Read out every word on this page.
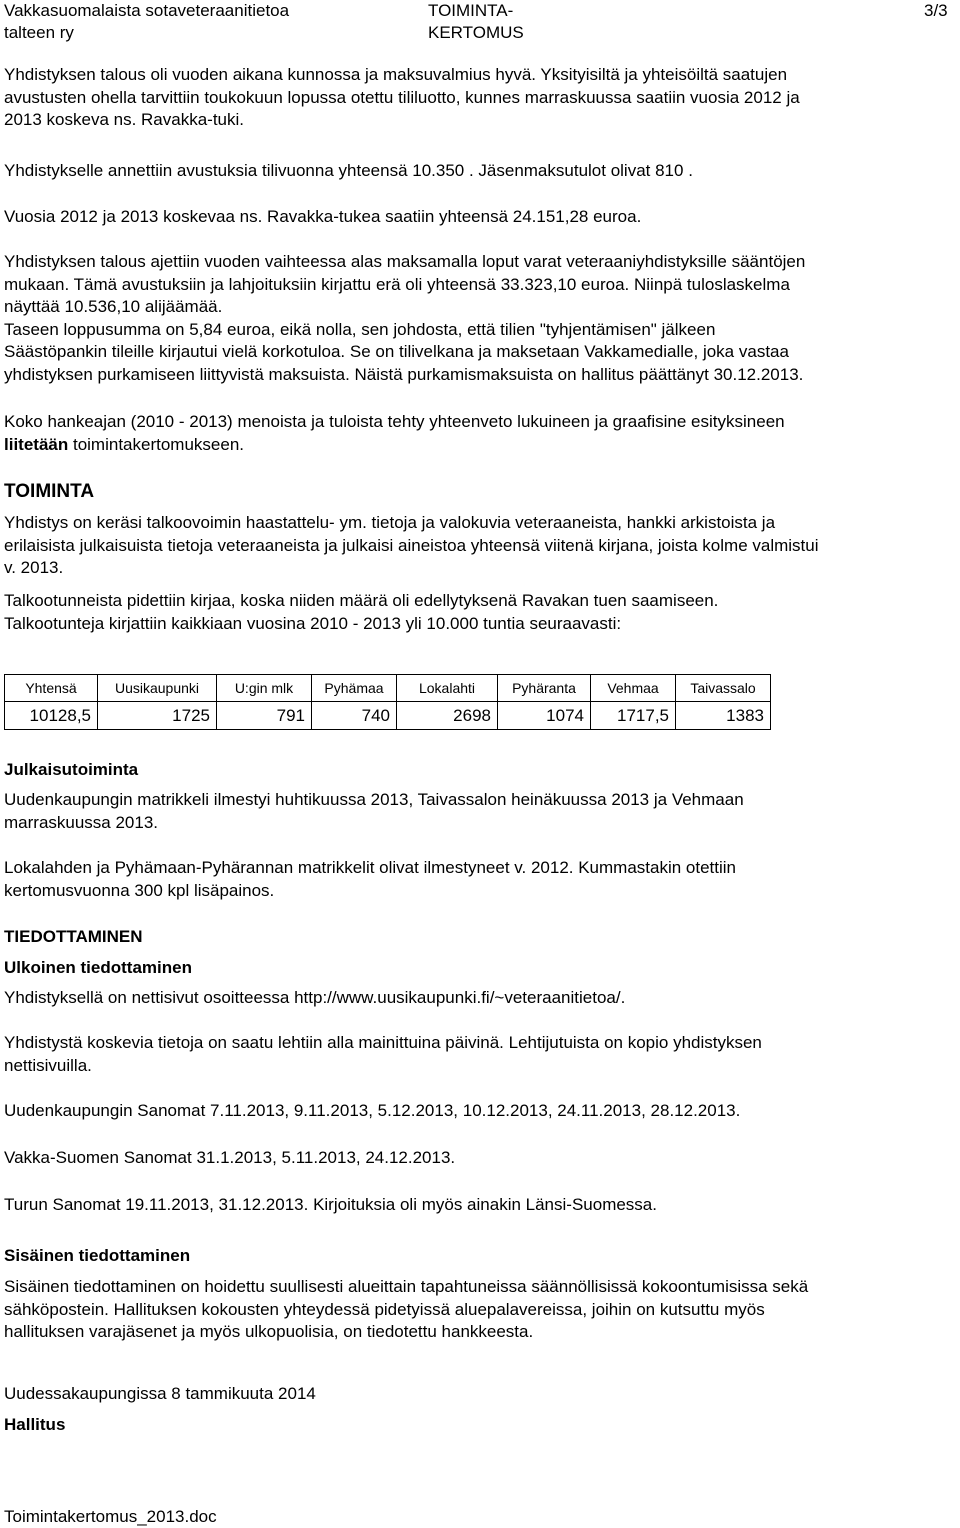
Vakkasuomalaista sotaveteraanitietoa
talteen ry
TOIMINTA-
KERTOMUS
3/3
Yhdistyksen talous oli vuoden aikana kunnossa ja maksuvalmius hyvä. Yksityisiltä ja yhteisöiltä saatujen
avustusten ohella tarvittiin toukokuun lopussa otettu tililuotto, kunnes marraskuussa saatiin vuosia 2012 ja
2013 koskeva ns. Ravakka-tuki.
Yhdistykselle annettiin avustuksia tilivuonna yhteensä 10.350 . Jäsenmaksutulot olivat 810 .
Vuosia 2012 ja 2013 koskevaa ns. Ravakka-tukea saatiin yhteensä 24.151,28 euroa.
Yhdistyksen talous ajettiin vuoden vaihteessa alas maksamalla loput varat veteraaniyhdistyksille sääntöjen
mukaan. Tämä avustuksiin ja lahjoituksiin kirjattu erä oli yhteensä 33.323,10 euroa. Niinpä tuloslaskelma
näyttää 10.536,10 alijäämää.
Taseen loppusumma on 5,84 euroa, eikä nolla, sen johdosta, että tilien "tyhjentämisen" jälkeen
Säästöpankin tileille kirjautui vielä korkotuloa. Se on tilivelkana ja maksetaan Vakkamedialle, joka vastaa
yhdistyksen purkamiseen liittyvistä maksuista. Näistä purkamismaksuista on hallitus päättänyt 30.12.2013.
Koko hankeajan (2010 - 2013) menoista ja tuloista tehty yhteenveto lukuineen ja graafisine esityksineen
liitetään toimintakertomukseen.
TOIMINTA
Yhdistys on keräsi talkoovoimin haastattelu- ym. tietoja ja valokuvia veteraaneista, hankki arkistoista ja
erilaisista julkaisuista tietoja veteraaneista ja julkaisi aineistoa yhteensä viitenä kirjana, joista kolme valmistui
v. 2013.
Talkootunneista pidettiin kirjaa, koska niiden määrä oli edellytyksenä Ravakan tuen saamiseen.
Talkootunteja kirjattiin kaikkiaan vuosina 2010 - 2013 yli 10.000 tuntia seuraavasti:
Yhtensä	Uusikaupunki	U:gin mlk	Pyhämaa	Lokalahti	Pyhäranta	Vehmaa	Taivassalo
10128,5	1725	791	740	2698	1074	1717,5	1383
Julkaisutoiminta
Uudenkaupungin matrikkeli ilmestyi huhtikuussa 2013, Taivassalon heinäkuussa 2013 ja Vehmaan
marraskuussa 2013.
Lokalahden ja Pyhämaan-Pyhärannan matrikkelit olivat ilmestyneet v. 2012. Kummastakin otettiin
kertomusvuonna 300 kpl lisäpainos.
TIEDOTTAMINEN
Ulkoinen tiedottaminen
Yhdistyksellä on nettisivut osoitteessa http://www.uusikaupunki.fi/~veteraanitietoa/.
Yhdistystä koskevia tietoja on saatu lehtiin alla mainittuina päivinä. Lehtijutuista on kopio yhdistyksen
nettisivuilla.
Uudenkaupungin Sanomat 7.11.2013, 9.11.2013, 5.12.2013, 10.12.2013, 24.11.2013, 28.12.2013.
Vakka-Suomen Sanomat 31.1.2013, 5.11.2013, 24.12.2013.
Turun Sanomat 19.11.2013, 31.12.2013. Kirjoituksia oli myös ainakin Länsi-Suomessa.
Sisäinen tiedottaminen
Sisäinen tiedottaminen on hoidettu suullisesti alueittain tapahtuneissa säännöllisissä kokoontumisissa sekä
sähköpostein. Hallituksen kokousten yhteydessä pidetyissä aluepalavereissa, joihin on kutsuttu myös
hallituksen varajäsenet ja myös ulkopuolisia, on tiedotettu hankkeesta.
Uudessakaupungissa 8 tammikuuta 2014
Hallitus
Toimintakertomus_2013.doc
